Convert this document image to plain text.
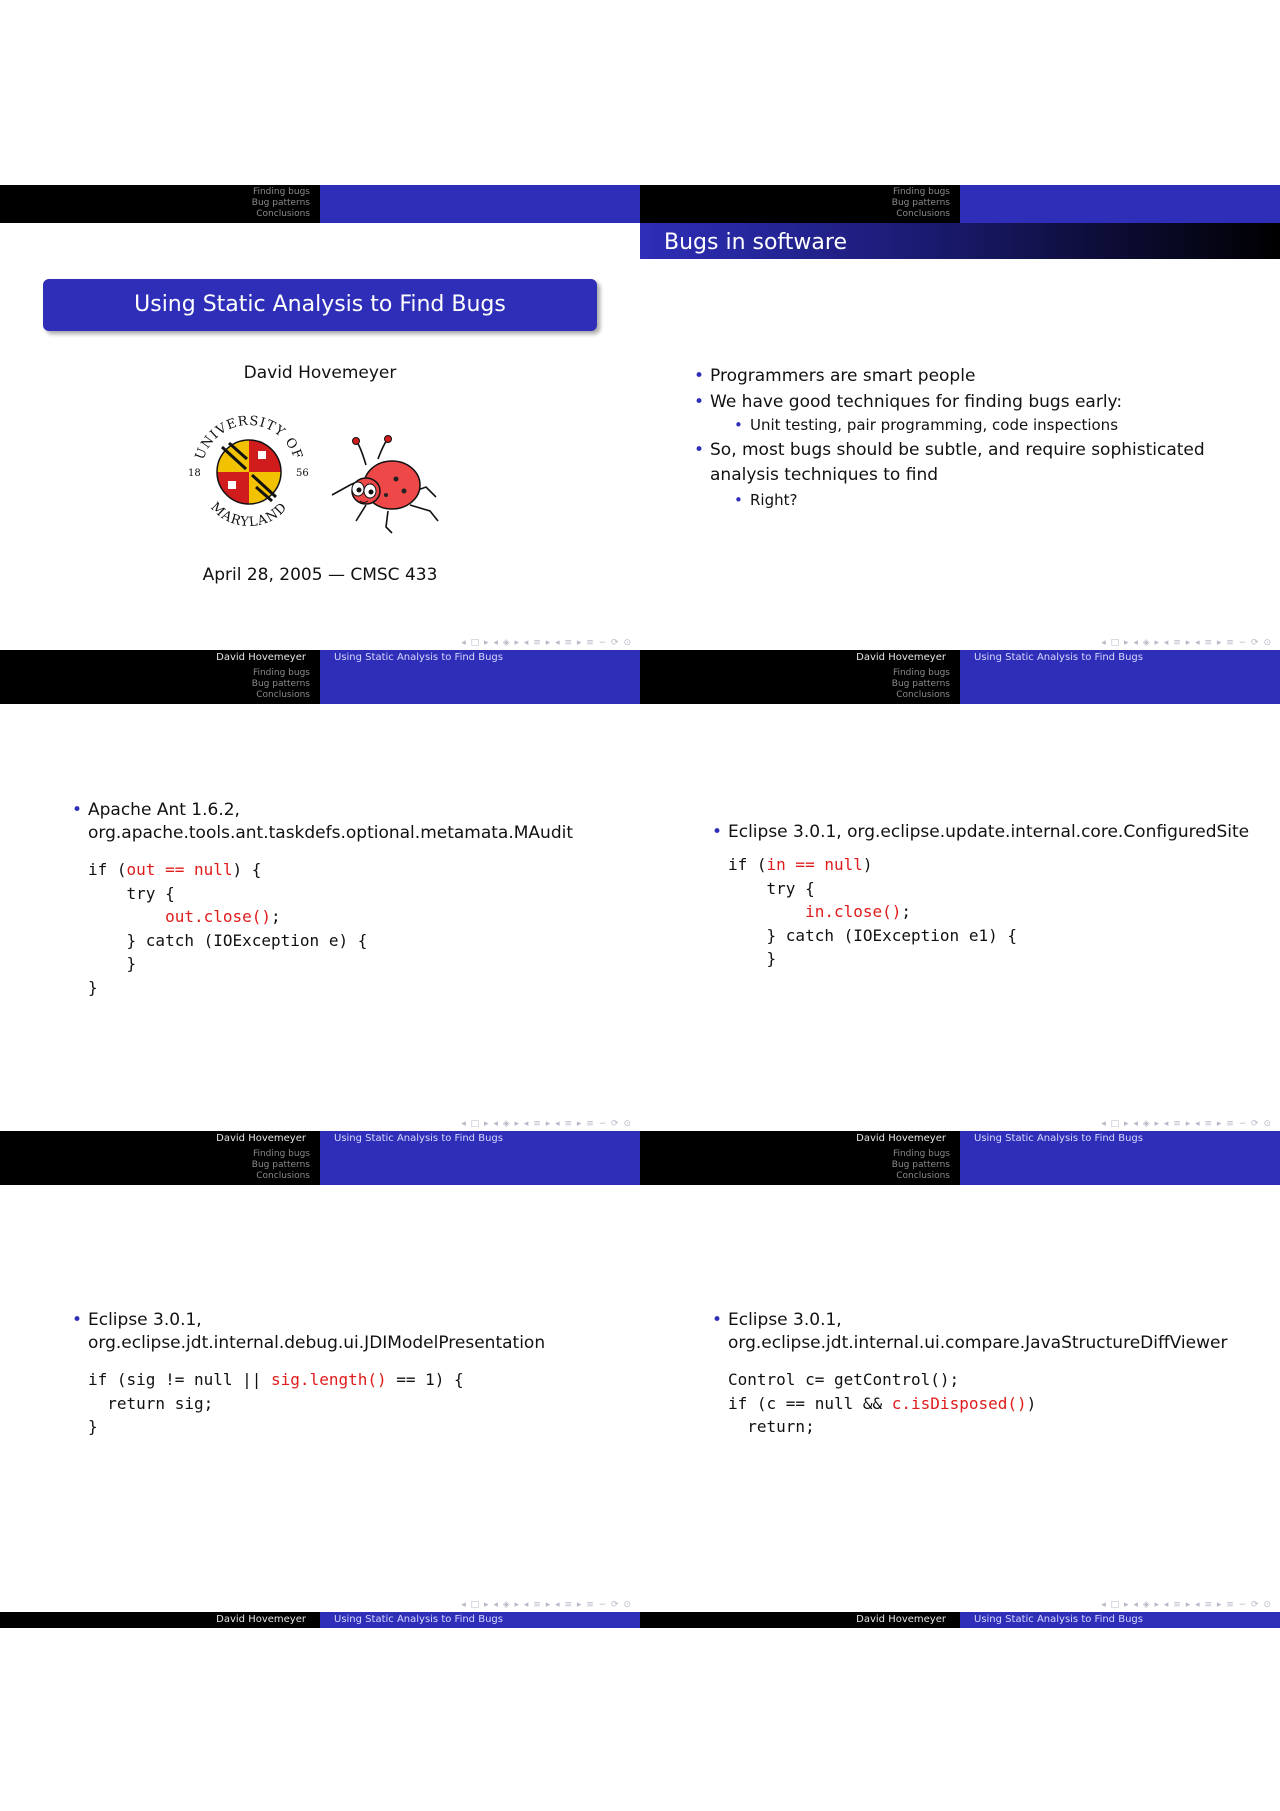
Finding bugs
Bug patterns
Conclusions
Using Static Analysis to Find Bugs
David Hovemeyer
UNIVERSITY OF
MARYLAND
18	56
April 28, 2005 — CMSC 433
◂ □ ▸ ◂ ◈ ▸ ◂ ≡ ▸ ◂ ≡ ▸ ≡ ∽ ⟳ ⊙
David Hovemeyer	Using Static Analysis to Find Bugs
Finding bugs
Bug patterns
Conclusions
Bugs in software
• Programmers are smart people
• We have good techniques for finding bugs early:
• Unit testing, pair programming, code inspections
• So, most bugs should be subtle, and require sophisticated
analysis techniques to find
• Right?
◂ □ ▸ ◂ ◈ ▸ ◂ ≡ ▸ ◂ ≡ ▸ ≡ ∽ ⟳ ⊙
David Hovemeyer	Using Static Analysis to Find Bugs
Finding bugs
Bug patterns
Conclusions
• Apache Ant 1.6.2,
org.apache.tools.ant.taskdefs.optional.metamata.MAudit
if (out == null) {
try {
out.close();
} catch (IOException e) {
}
}
◂ □ ▸ ◂ ◈ ▸ ◂ ≡ ▸ ◂ ≡ ▸ ≡ ∽ ⟳ ⊙
David Hovemeyer	Using Static Analysis to Find Bugs
Finding bugs
Bug patterns
Conclusions
• Eclipse 3.0.1, org.eclipse.update.internal.core.ConfiguredSite
if (in == null)
try {
in.close();
} catch (IOException e1) {
}
◂ □ ▸ ◂ ◈ ▸ ◂ ≡ ▸ ◂ ≡ ▸ ≡ ∽ ⟳ ⊙
David Hovemeyer	Using Static Analysis to Find Bugs
Finding bugs
Bug patterns
Conclusions
• Eclipse 3.0.1,
org.eclipse.jdt.internal.debug.ui.JDIModelPresentation
if (sig != null || sig.length() == 1) {
return sig;
}
◂ □ ▸ ◂ ◈ ▸ ◂ ≡ ▸ ◂ ≡ ▸ ≡ ∽ ⟳ ⊙
David Hovemeyer	Using Static Analysis to Find Bugs
Finding bugs
Bug patterns
Conclusions
• Eclipse 3.0.1,
org.eclipse.jdt.internal.ui.compare.JavaStructureDiffViewer
Control c= getControl();
if (c == null && c.isDisposed())
return;
◂ □ ▸ ◂ ◈ ▸ ◂ ≡ ▸ ◂ ≡ ▸ ≡ ∽ ⟳ ⊙
David Hovemeyer	Using Static Analysis to Find Bugs
